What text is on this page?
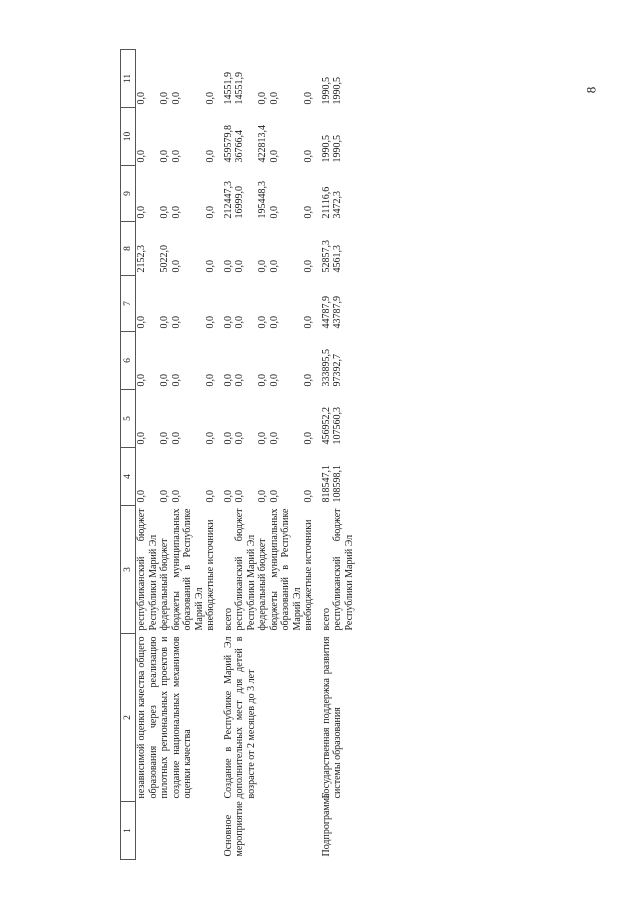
8
1	2	3	4	5	6	7	8	9	10	11
	независимой оценки качества общего образования через реализацию пилотных региональных проектов и создание национальных механизмов оценки качества	республиканский бюджет Республики Марий Эл	0,0	0,0	0,0	0,0	2152,3	0,0	0,0	0,0
		федеральный бюджет	0,0	0,0	0,0	0,0	5022,0	0,0	0,0	0,0
		бюджеты муниципальных образований в Республике Марий Эл	0,0	0,0	0,0	0,0	0,0	0,0	0,0	0,0
		внебюджетные источники	0,0	0,0	0,0	0,0	0,0	0,0	0,0	0,0
Основное мероприятие	Создание в Республике Марий Эл дополнительных мест для детей в возрасте от 2 месяцев до 3 лет	всего	0,0	0,0	0,0	0,0	0,0	212447,3	459579,8	14551,9
		республиканский бюджет Республики Марий Эл	0,0	0,0	0,0	0,0	0,0	16999,0	36766,4	14551,9
		федеральный бюджет	0,0	0,0	0,0	0,0	0,0	195448,3	422813,4	0,0
		бюджеты муниципальных образований в Республике Марий Эл	0,0	0,0	0,0	0,0	0,0	0,0	0,0	0,0
		внебюджетные источники	0,0	0,0	0,0	0,0	0,0	0,0	0,0	0,0
Подпрограмма	Государственная поддержка развития системы образования	всего	818547,1	456952,2	333895,5	44787,9	52857,3	21116,6	1990,5	1990,5
		республиканский бюджет Республики Марий Эл	108598,1	107560,3	97392,7	43787,9	4561,3	3472,3	1990,5	1990,5
